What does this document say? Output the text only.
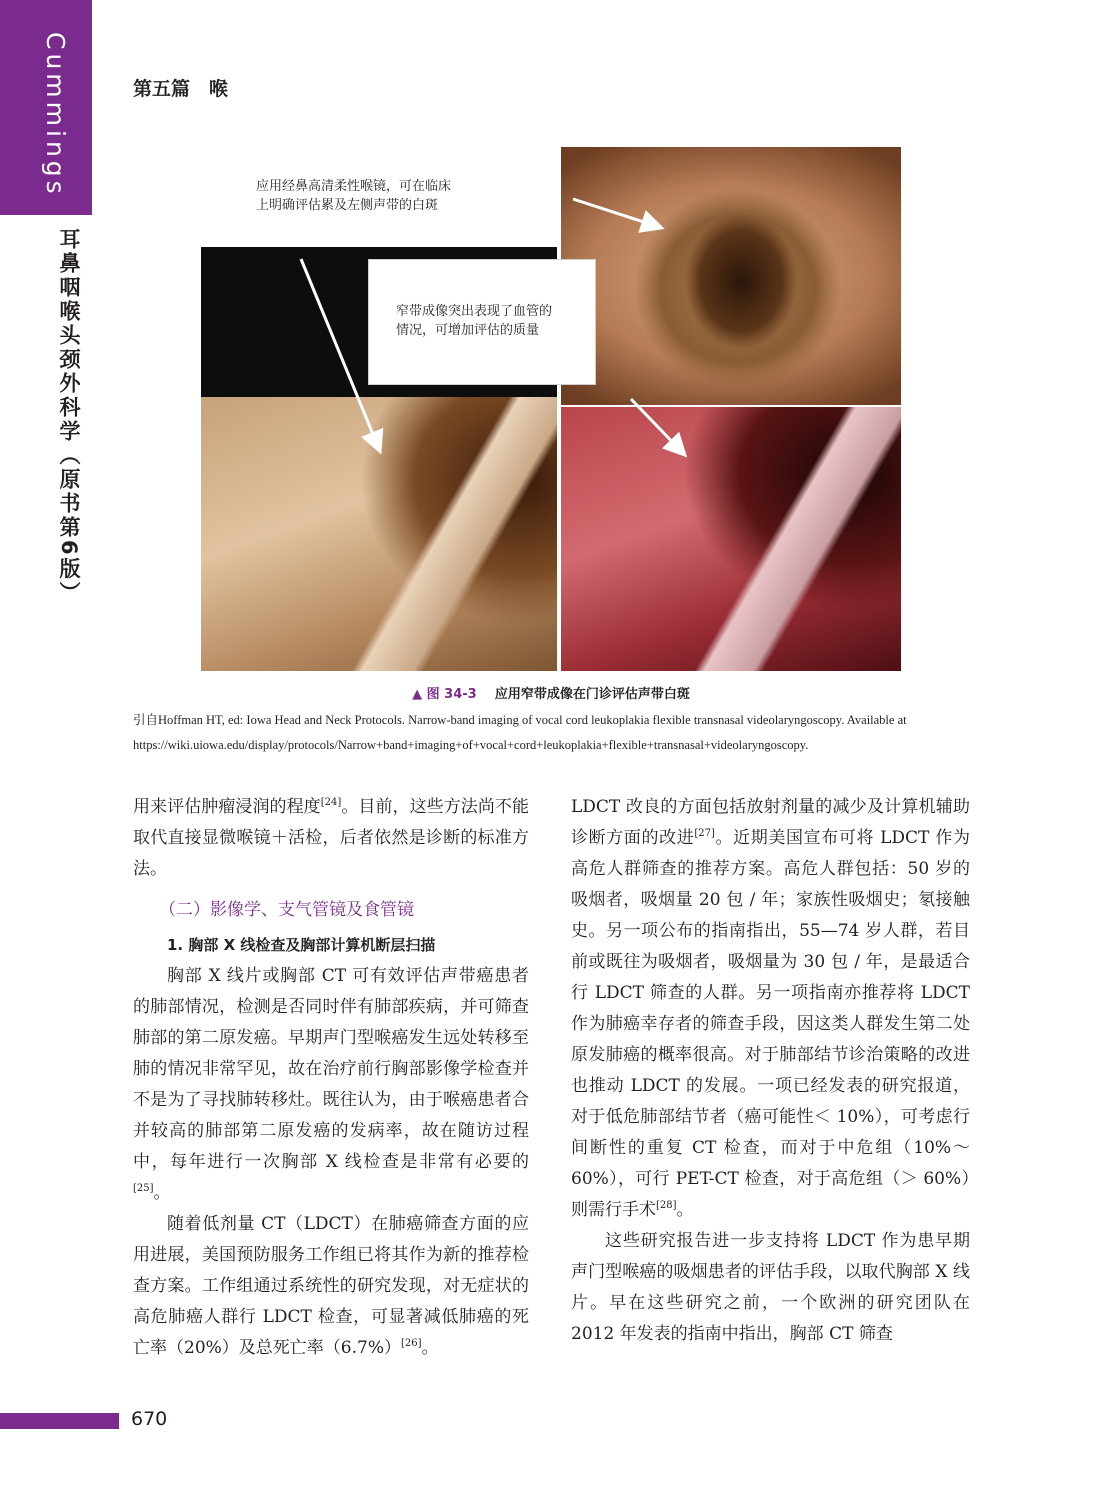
Cummings
耳鼻咽喉头颈外科学（原书第6版）
第五篇　喉
应用经鼻高清柔性喉镜，可在临床
上明确评估累及左侧声带的白斑
窄带成像突出表现了血管的
情况，可增加评估的质量
▲ 图 34-3 应用窄带成像在门诊评估声带白斑
引自Hoffman HT, ed: Iowa Head and Neck Protocols. Narrow-band imaging of vocal cord leukoplakia flexible transnasal videolaryngoscopy. Available at https://wiki.uiowa.edu/display/protocols/Narrow+band+imaging+of+vocal+cord+leukoplakia+flexible+transnasal+videolaryngoscopy.

用来评估肿瘤浸润的程度[24]。目前，这些方法尚不能取代直接显微喉镜＋活检，后者依然是诊断的标准方法。

（二）影像学、支气管镜及食管镜

1. 胸部 X 线检查及胸部计算机断层扫描

胸部 X 线片或胸部 CT 可有效评估声带癌患者的肺部情况，检测是否同时伴有肺部疾病，并可筛查肺部的第二原发癌。早期声门型喉癌发生远处转移至肺的情况非常罕见，故在治疗前行胸部影像学检查并不是为了寻找肺转移灶。既往认为，由于喉癌患者合并较高的肺部第二原发癌的发病率，故在随访过程中，每年进行一次胸部 X 线检查是非常有必要的[25]。

随着低剂量 CT（LDCT）在肺癌筛查方面的应用进展，美国预防服务工作组已将其作为新的推荐检查方案。工作组通过系统性的研究发现，对无症状的高危肺癌人群行 LDCT 检查，可显著减低肺癌的死亡率（20%）及总死亡率（6.7%）[26]。

LDCT 改良的方面包括放射剂量的减少及计算机辅助诊断方面的改进[27]。近期美国宣布可将 LDCT 作为高危人群筛查的推荐方案。高危人群包括：50 岁的吸烟者，吸烟量 20 包 / 年；家族性吸烟史；氡接触史。另一项公布的指南指出，55—74 岁人群，若目前或既往为吸烟者，吸烟量为 30 包 / 年，是最适合行 LDCT 筛查的人群。另一项指南亦推荐将 LDCT 作为肺癌幸存者的筛查手段，因这类人群发生第二处原发肺癌的概率很高。对于肺部结节诊治策略的改进也推动 LDCT 的发展。一项已经发表的研究报道，对于低危肺部结节者（癌可能性＜ 10%），可考虑行间断性的重复 CT 检查，而对于中危组（10%～60%），可行 PET-CT 检查，对于高危组（＞ 60%）则需行手术[28]。

这些研究报告进一步支持将 LDCT 作为患早期声门型喉癌的吸烟患者的评估手段，以取代胸部 X 线片。早在这些研究之前，一个欧洲的研究团队在 2012 年发表的指南中指出，胸部 CT 筛查

670
